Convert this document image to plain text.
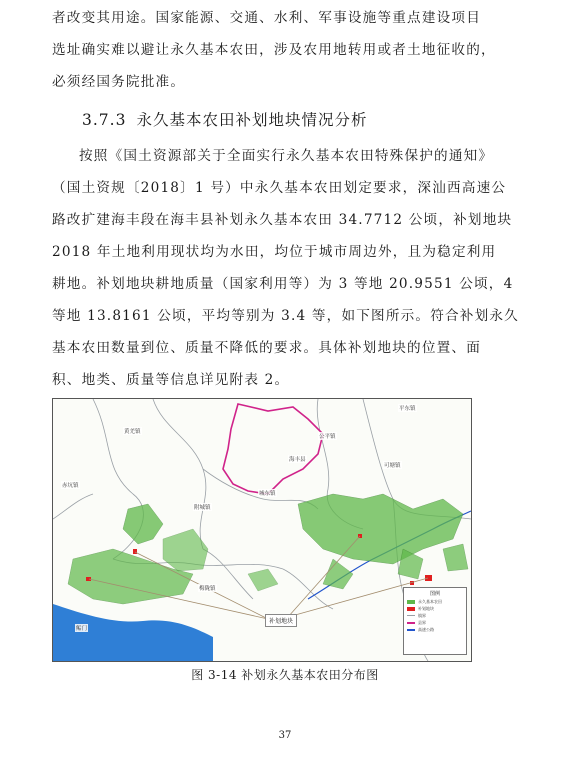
者改变其用途。国家能源、交通、水利、军事设施等重点建设项目

选址确实难以避让永久基本农田，涉及农用地转用或者土地征收的，

必须经国务院批准。

3.7.3 永久基本农田补划地块情况分析

按照《国土资源部关于全面实行永久基本农田特殊保护的通知》

（国土资规〔2018〕1 号）中永久基本农田划定要求，深汕西高速公

路改扩建海丰段在海丰县补划永久基本农田 34.7712 公顷，补划地块

2018 年土地利用现状均为水田，均位于城市周边外，且为稳定利用

耕地。补划地块耕地质量（国家利用等）为 3 等地 20.9551 公顷，4

等地 13.8161 公顷，平均等别为 3.4 等，如下图所示。符合补划永久

基本农田数量到位、质量不降低的要求。具体补划地块的位置、面

积、地类、质量等信息详见附表 2。

海丰县
黄羌镇
平东镇
公平镇
可塘镇
赤坑镇
附城镇
城东镇
梅陇镇
鲘门
补划地块
图例
永久基本农田
补划地块
镇界
县界
高速公路
图 3-14 补划永久基本农田分布图
37
